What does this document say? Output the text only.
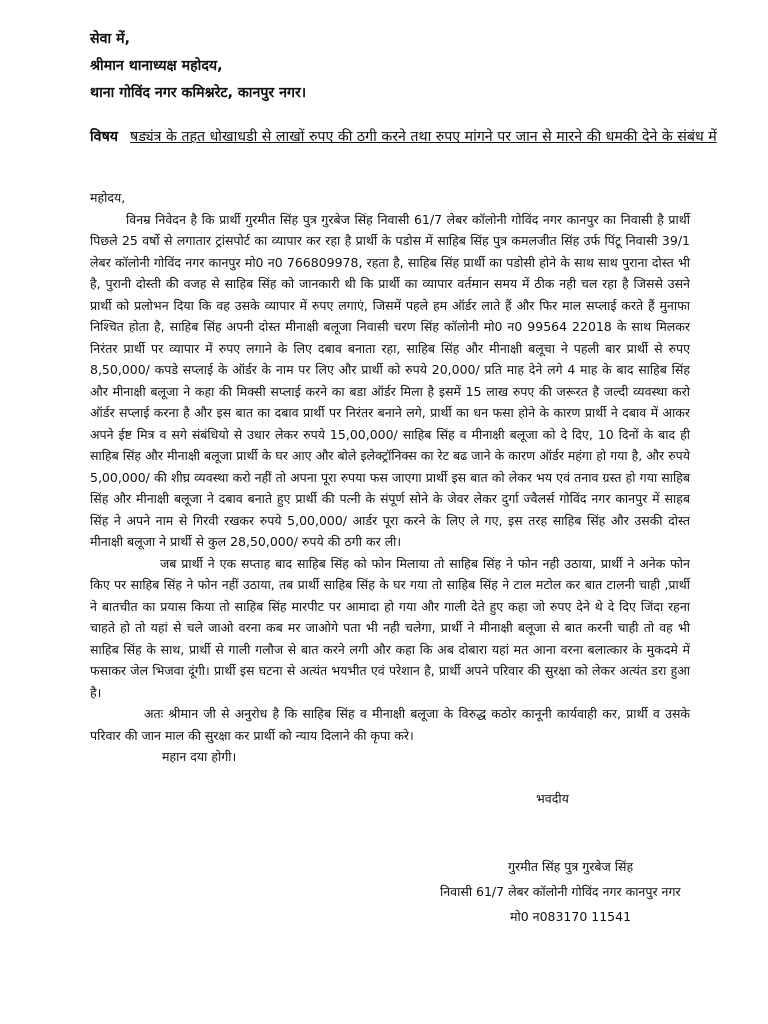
सेवा में,
श्रीमान थानाध्यक्ष महोदय,
थाना गोविंद नगर कमिश्नरेट, कानपुर नगर।
विषय षड्यंत्र के तहत धोखाधडी से लाखों रुपए की ठगी करने तथा रुपए मांगने पर जान से मारने की धमकी देने के संबंध में

महोदय,

विनम्र निवेदन है कि प्रार्थी गुरमीत सिंह पुत्र गुरबेज सिंह निवासी 61/7 लेबर कॉलोनी गोविंद नगर कानपुर का निवासी है प्रार्थी पिछले 25 वर्षो से लगातार ट्रांसपोर्ट का व्यापार कर रहा है प्रार्थी के पडोस में साहिब सिंह पुत्र कमलजीत सिंह उर्फ पिंटू निवासी 39/1 लेबर कॉलोनी गोविंद नगर कानपुर मो0 न0 766809978, रहता है, साहिब सिंह प्रार्थी का पडोसी होने के साथ साथ पुराना दोस्त भी है, पुरानी दोस्ती की वजह से साहिब सिंह को जानकारी थी कि प्रार्थी का व्यापार वर्तमान समय में ठीक नही चल रहा है जिससे उसने प्रार्थी को प्रलोभन दिया कि वह उसके व्यापार में रुपए लगाएं, जिसमें पहले हम ऑर्डर लाते हैं और फिर माल सप्लाई करते हैं मुनाफा निश्चित होता है, साहिब सिंह अपनी दोस्त मीनाक्षी बलूजा निवासी चरण सिंह कॉलोनी मो0 न0 99564 22018 के साथ मिलकर निरंतर प्रार्थी पर व्यापार में रुपए लगाने के लिए दबाव बनाता रहा, साहिब सिंह और मीनाक्षी बलूचा ने पहली बार प्रार्थी से रुपए 8,50,000/ कपडे सप्लाई के ऑर्डर के नाम पर लिए और प्रार्थी को रुपये 20,000/ प्रति माह देने लगे 4 माह के बाद साहिब सिंह और मीनाक्षी बलूजा ने कहा की मिक्सी सप्लाई करने का बडा ऑर्डर मिला है इसमें 15 लाख रुपए की जरूरत है जल्दी व्यवस्था करो ऑर्डर सप्लाई करना है और इस बात का दबाव प्रार्थी पर निरंतर बनाने लगे, प्रार्थी का धन फसा होने के कारण प्रार्थी ने दबाव में आकर अपने ईष्ट मित्र व सगे संबंधियो से उधार लेकर रुपये 15,00,000/ साहिब सिंह व मीनाक्षी बलूजा को दे दिए, 10 दिनों के बाद ही साहिब सिंह और मीनाक्षी बलूजा प्रार्थी के घर आए और बोले इलेक्ट्रॉनिक्स का रेट बढ जाने के कारण ऑर्डर महंगा हो गया है, और रुपये 5,00,000/ की शीघ्र व्यवस्था करो नहीं तो अपना पूरा रुपया फस जाएगा प्रार्थी इस बात को लेकर भय एवं तनाव ग्रस्त हो गया साहिब सिंह और मीनाक्षी बलूजा ने दबाव बनाते हुए प्रार्थी की पत्नी के संपूर्ण सोने के जेवर लेकर दुर्गा ज्वैलर्स गोविंद नगर कानपुर में साहब सिंह ने अपने नाम से गिरवी रखकर रुपये 5,00,000/ आर्डर पूरा करने के लिए ले गए, इस तरह साहिब सिंह और उसकी दोस्त मीनाक्षी बलूजा ने प्रार्थी से कुल 28,50,000/ रुपये की ठगी कर ली।

जब प्रार्थी ने एक सप्ताह बाद साहिब सिंह को फोन मिलाया तो साहिब सिंह ने फोन नही उठाया, प्रार्थी ने अनेक फोन किए पर साहिब सिंह ने फोन नहीं उठाया, तब प्रार्थी साहिब सिंह के घर गया तो साहिब सिंह ने टाल मटोल कर बात टालनी चाही ,प्रार्थी ने बातचीत का प्रयास किया तो साहिब सिंह मारपीट पर आमादा हो गया और गाली देते हुए कहा जो रुपए देने थे दे दिए जिंदा रहना चाहते हो तो यहां से चले जाओ वरना कब मर जाओगे पता भी नही चलेगा, प्रार्थी ने मीनाक्षी बलूजा से बात करनी चाही तो वह भी साहिब सिंह के साथ, प्रार्थी से गाली गलौज से बात करने लगी और कहा कि अब दोबारा यहां मत आना वरना बलात्कार के मुकदमे में फसाकर जेल भिजवा दूंगी। प्रार्थी इस घटना से अत्यंत भयभीत एवं परेशान है, प्रार्थी अपने परिवार की सुरक्षा को लेकर अत्यंत डरा हुआ है।

अतः श्रीमान जी से अनुरोध है कि साहिब सिंह व मीनाक्षी बलूजा के विरुद्ध कठोर कानूनी कार्यवाही कर, प्रार्थी व उसके परिवार की जान माल की सुरक्षा कर प्रार्थी को न्याय दिलाने की कृपा करे।

महान दया होगी।

भवदीय
गुरमीत सिंह पुत्र गुरबेज सिंह
निवासी 61/7 लेबर कॉलोनी गोविंद नगर कानपुर नगर
मो0 न083170 11541
